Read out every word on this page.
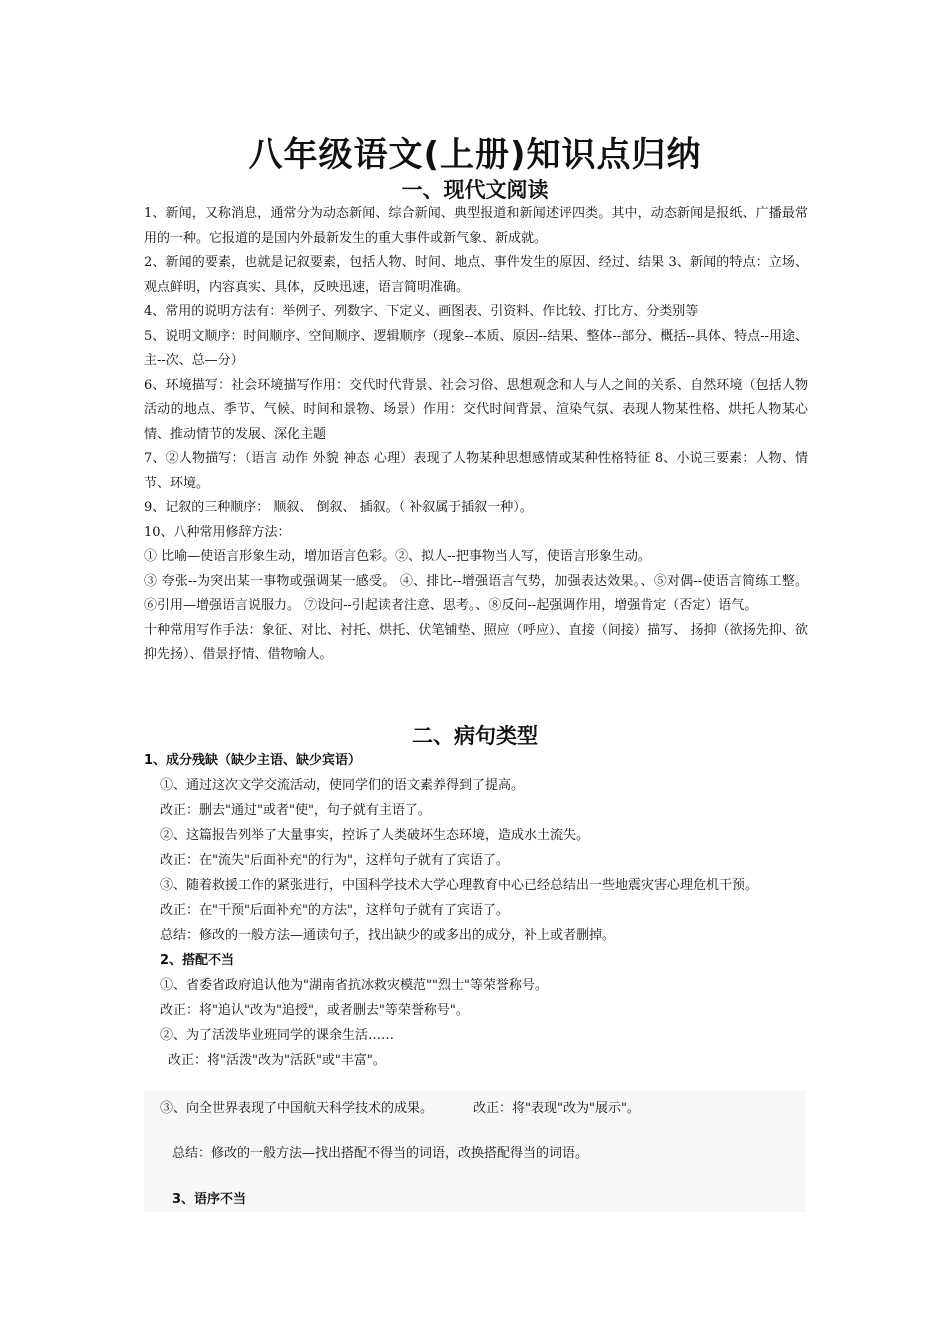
八年级语文(上册)知识点归纳
一、现代文阅读

1、新闻，又称消息，通常分为动态新闻、综合新闻、典型报道和新闻述评四类。其中，动态新闻是报纸、广播最常用的一种。它报道的是国内外最新发生的重大事件或新气象、新成就。

2、新闻的要素，也就是记叙要素，包括人物、时间、地点、事件发生的原因、经过、结果 3、新闻的特点：立场、观点鲜明，内容真实、具体，反映迅速，语言简明准确。

4、常用的说明方法有：举例子、列数字、下定义、画图表、引资料、作比较、打比方、分类别等

5、说明文顺序：时间顺序、空间顺序、逻辑顺序（现象--本质、原因--结果、整体--部分、概括--具体、特点--用途、主--次、总—分）

6、环境描写：社会环境描写作用：交代时代背景、社会习俗、思想观念和人与人之间的关系、自然环境（包括人物活动的地点、季节、气候、时间和景物、场景）作用：交代时间背景、渲染气氛、表现人物某性格、烘托人物某心情、推动情节的发展、深化主题

7、②人物描写：（语言 动作 外貌 神态 心理）表现了人物某种思想感情或某种性格特征 8、小说三要素：人物、情节、环境。

9、记叙的三种顺序： 顺叙、 倒叙、 插叙。（ 补叙属于插叙一种）。

10、八种常用修辞方法：

① 比喻—使语言形象生动，增加语言色彩。②、拟人--把事物当人写，使语言形象生动。

③ 夸张--为突出某一事物或强调某一感受。 ④、排比--增强语言气势，加强表达效果。、⑤对偶--使语言简练工整。 ⑥引用—增强语言说服力。 ⑦设问--引起读者注意、思考。、⑧反问--起强调作用，增强肯定（否定）语气。

十种常用写作手法：象征、对比、衬托、烘托、伏笔铺垫、照应（呼应）、直接（间接）描写、 扬抑（欲扬先抑、欲抑先扬）、借景抒情、借物喻人。

二、病句类型

1、成分残缺（缺少主语、缺少宾语）

①、通过这次文学交流活动，使同学们的语文素养得到了提高。

改正：删去"通过"或者"使"，句子就有主语了。

②、这篇报告列举了大量事实，控诉了人类破坏生态环境，造成水土流失。

改正：在"流失"后面补充"的行为"，这样句子就有了宾语了。

③、随着救援工作的紧张进行，中国科学技术大学心理教育中心已经总结出一些地震灾害心理危机干预。

改正：在"干预"后面补充"的方法"，这样句子就有了宾语了。

总结：修改的一般方法—通读句子，找出缺少的或多出的成分，补上或者删掉。

2、搭配不当

①、省委省政府追认他为"湖南省抗冰救灾模范""烈士"等荣誉称号。

改正：将"追认"改为"追授"，或者删去"等荣誉称号"。

②、为了活泼毕业班同学的课余生活……

改正：将"活泼"改为"活跃"或"丰富"。

③、向全世界表现了中国航天科学技术的成果。	改正：将"表现"改为"展示"。
总结：修改的一般方法—找出搭配不得当的词语，改换搭配得当的词语。
3、语序不当
